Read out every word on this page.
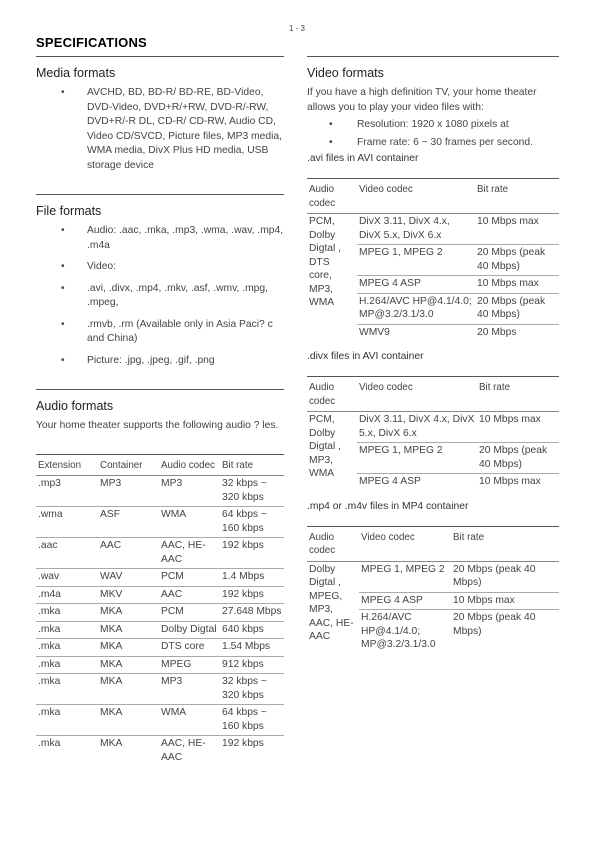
1 - 3
SPECIFICATIONS
Media formats
• AVCHD, BD, BD-R/ BD-RE, BD-Video, DVD-Video, DVD+R/+RW, DVD-R/-RW, DVD+R/-R DL, CD-R/ CD-RW, Audio CD, Video CD/SVCD, Picture files, MP3 media, WMA media, DivX Plus HD media, USB storage device
File formats
• Audio: .aac, .mka, .mp3, .wma, .wav, .mp4, .m4a
• Video:
• .avi, .divx, .mp4, .mkv, .asf, .wmv, .mpg, .mpeg,
• .rmvb, .rm (Available only in Asia Paci? c and China)
• Picture: .jpg, .jpeg, .gif, .png
Audio formats
Your home theater supports the following audio ? les.
Extension	Container	Audio codec	Bit rate
.mp3	MP3	MP3	32 kbps ~ 320 kbps
.wma	ASF	WMA	64 kbps ~ 160 kbps
.aac	AAC	AAC, HE-AAC	192 kbps
.wav	WAV	PCM	1.4 Mbps
.m4a	MKV	AAC	192 kbps
.mka	MKA	PCM	27.648 Mbps
.mka	MKA	Dolby Digtal	640 kbps
.mka	MKA	DTS core	1.54 Mbps
.mka	MKA	MPEG	912 kbps
.mka	MKA	MP3	32 kbps ~ 320 kbps
.mka	MKA	WMA	64 kbps ~ 160 kbps
.mka	MKA	AAC, HE-AAC	192 kbps
Video formats
If you have a high definition TV, your home theater allows you to play your video files with:
• Resolution: 1920 x 1080 pixels at
• Frame rate: 6 ~ 30 frames per second.
.avi files in AVI container
Audio codec	Video codec	Bit rate
PCM, Dolby Digtal , DTS core, MP3, WMA	DivX 3.11, DivX 4.x, DivX 5.x, DivX 6.x	10 Mbps max
	MPEG 1, MPEG 2	20 Mbps (peak 40 Mbps)
	MPEG 4 ASP	10 Mbps max
	H.264/AVC HP@4.1/4.0; MP@3.2/3.1/3.0	20 Mbps (peak 40 Mbps)
	WMV9	20 Mbps
.divx files in AVI container
Audio codec	Video codec	Bit rate
PCM, Dolby Digtal , MP3, WMA	DivX 3.11, DivX 4.x, DivX 5.x, DivX 6.x	10 Mbps max
	MPEG 1, MPEG 2	20 Mbps (peak 40 Mbps)
	MPEG 4 ASP	10 Mbps max
.mp4 or .m4v files in MP4 container
Audio codec	Video codec	Bit rate
Dolby Digtal , MPEG, MP3, AAC, HE-AAC	MPEG 1, MPEG 2	20 Mbps (peak 40 Mbps)
	MPEG 4 ASP	10 Mbps max
	H.264/AVC HP@4.1/4.0; MP@3.2/3.1/3.0	20 Mbps (peak 40 Mbps)
